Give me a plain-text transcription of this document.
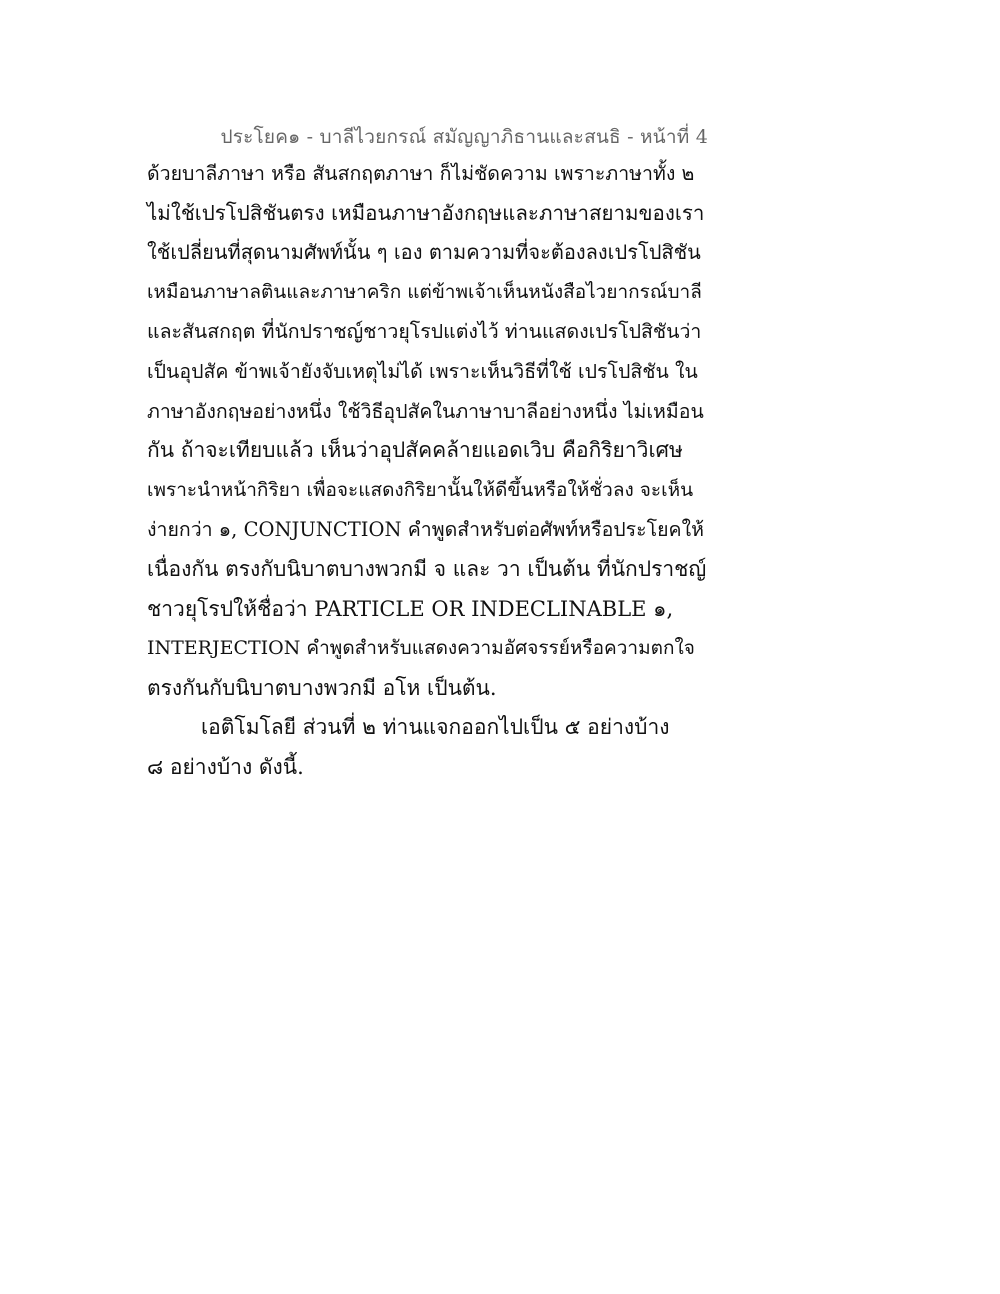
ประโยค๑ - บาลีไวยกรณ์ สมัญญาภิธานและสนธิ - หน้าที่ 4
ด้วยบาลีภาษา หรือ สันสกฤตภาษา ก็ไม่ชัดความ เพราะภาษาทั้ง ๒
ไม่ใช้เปรโปสิชันตรง เหมือนภาษาอังกฤษและภาษาสยามของเรา
ใช้เปลี่ยนที่สุดนามศัพท์นั้น ๆ เอง ตามความที่จะต้องลงเปรโปสิชัน
เหมือนภาษาลตินและภาษาคริก แต่ข้าพเจ้าเห็นหนังสือไวยากรณ์บาลี
และสันสกฤต ที่นักปราชญ์ชาวยุโรปแต่งไว้ ท่านแสดงเปรโปสิชันว่า
เป็นอุปสัค ข้าพเจ้ายังจับเหตุไม่ได้ เพราะเห็นวิธีที่ใช้ เปรโปสิชัน ใน
ภาษาอังกฤษอย่างหนึ่ง ใช้วิธีอุปสัคในภาษาบาลีอย่างหนึ่ง ไม่เหมือน
กัน ถ้าจะเทียบแล้ว เห็นว่าอุปสัคคล้ายแอดเวิบ คือกิริยาวิเศษ
เพราะนำหน้ากิริยา เพื่อจะแสดงกิริยานั้นให้ดีขึ้นหรือให้ชั่วลง จะเห็น
ง่ายกว่า ๑, CONJUNCTION คำพูดสำหรับต่อศัพท์หรือประโยคให้
เนื่องกัน ตรงกับนิบาตบางพวกมี จ และ วา เป็นต้น ที่นักปราชญ์
ชาวยุโรปให้ชื่อว่า PARTICLE OR INDECLINABLE ๑,
INTERJECTION คำพูดสำหรับแสดงความอัศจรรย์หรือความตกใจ
ตรงกันกับนิบาตบางพวกมี อโห เป็นต้น.
เอติโมโลยี ส่วนที่ ๒ ท่านแจกออกไปเป็น ๕ อย่างบ้าง
๘ อย่างบ้าง ดังนี้.
